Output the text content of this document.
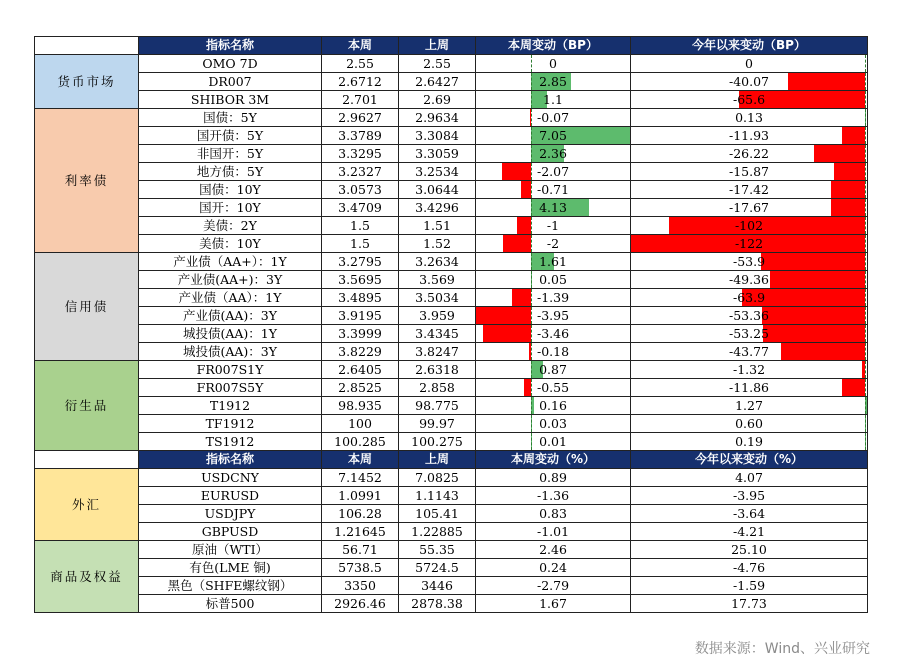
	指标名称	本周	上周	本周变动（BP）	今年以来变动（BP）
货币市场	OMO 7D	2.55	2.55	0	0

	DR007	2.6712	2.6427	2.85	-40.07

	SHIBOR 3M	2.701	2.69	1.1	-65.6

利率债	国债：5Y	2.9627	2.9634	-0.07	0.13

	国开债：5Y	3.3789	3.3084	7.05	-11.93

	非国开：5Y	3.3295	3.3059	2.36	-26.22

	地方债：5Y	3.2327	3.2534	-2.07	-15.87

	国债：10Y	3.0573	3.0644	-0.71	-17.42

	国开：10Y	3.4709	3.4296	4.13	-17.67

	美债：2Y	1.5	1.51	-1	-102

	美债：10Y	1.5	1.52	-2	-122

信用债	产业债（AA+）：1Y	3.2795	3.2634	1.61	-53.9

	产业债(AA+)：3Y	3.5695	3.569	0.05	-49.36

	产业债（AA）：1Y	3.4895	3.5034	-1.39	-63.9

	产业债(AA)：3Y	3.9195	3.959	-3.95	-53.36

	城投债(AA)：1Y	3.3999	3.4345	-3.46	-53.25

	城投债(AA)：3Y	3.8229	3.8247	-0.18	-43.77

衍生品	FR007S1Y	2.6405	2.6318	0.87	-1.32

	FR007S5Y	2.8525	2.858	-0.55	-11.86

	T1912	98.935	98.775	0.16	1.27

	TF1912	100	99.97	0.03	0.60

	TS1912	100.285	100.275	0.01	0.19

	指标名称	本周	上周	本周变动（%）	今年以来变动（%）
外汇	USDCNY	7.1452	7.0825	0.89	4.07
	EURUSD	1.0991	1.1143	-1.36	-3.95
	USDJPY	106.28	105.41	0.83	-3.64
	GBPUSD	1.21645	1.22885	-1.01	-4.21
商品及权益	原油（WTI）	56.71	55.35	2.46	25.10
	有色(LME 铜)	5738.5	5724.5	0.24	-4.76
	黑色（SHFE螺纹钢）	3350	3446	-2.79	-1.59
	标普500	2926.46	2878.38	1.67	17.73
数据来源：Wind、兴业研究
